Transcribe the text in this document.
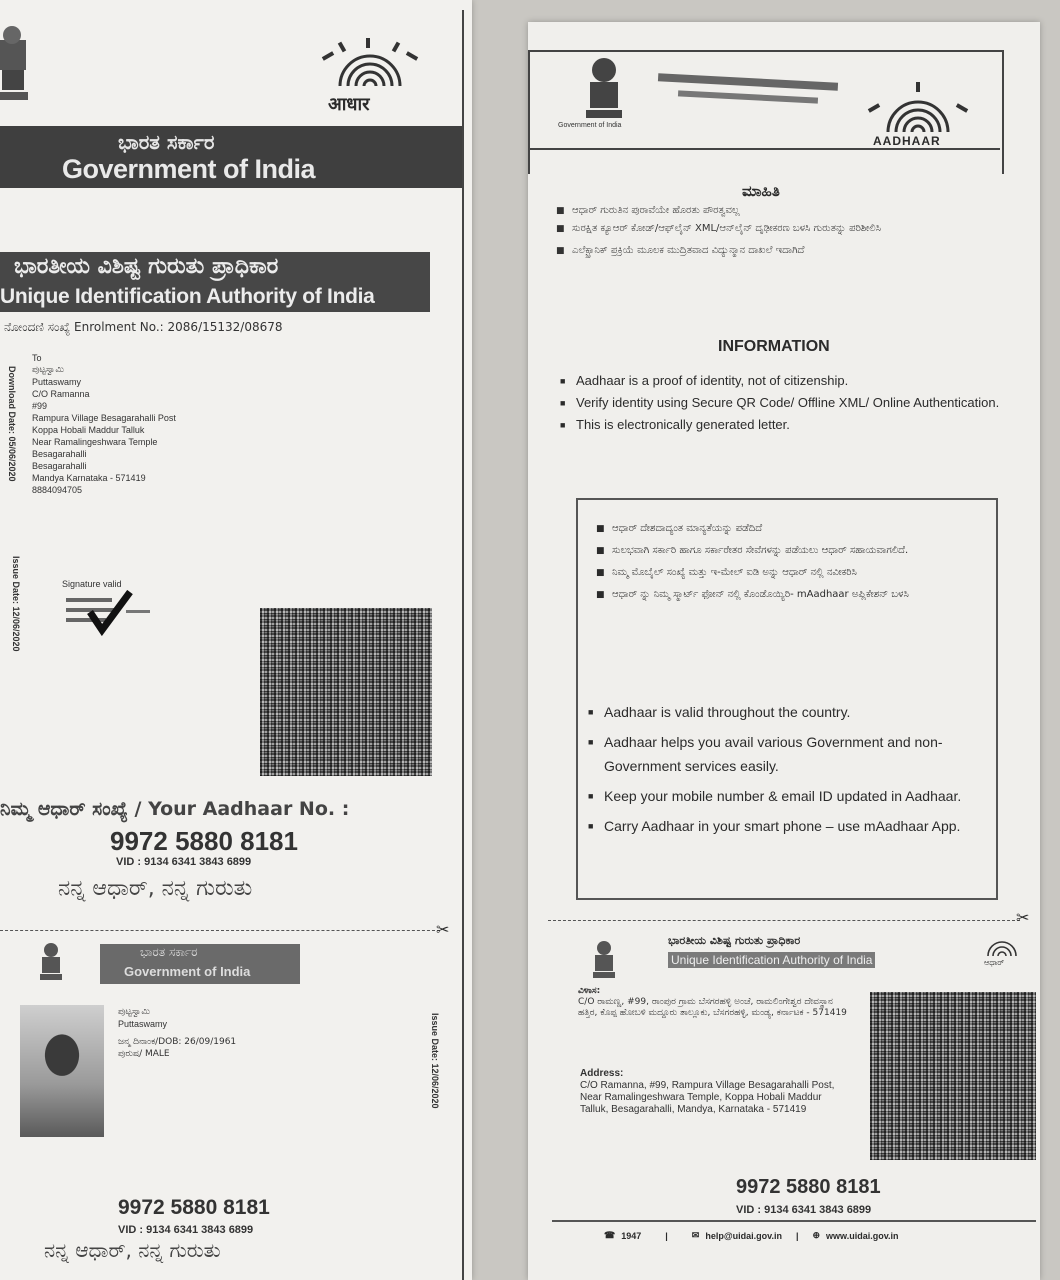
आधार
ಭಾರತ ಸರ್ಕಾರ
Government of India
ಭಾರತೀಯ ವಿಶಿಷ್ಟ ಗುರುತು ಪ್ರಾಧಿಕಾರ
Unique Identification Authority of India
ನೋಂದಣಿ ಸಂಖ್ಯೆ Enrolment No.: 2086/15132/08678
Download Date: 05/06/2020
Issue Date: 12/06/2020
To
ಪುಟ್ಟಸ್ವಾಮಿ
Puttaswamy
C/O Ramanna
#99
Rampura Village Besagarahalli Post
Koppa Hobali Maddur Talluk
Near Ramalingeshwara Temple
Besagarahalli
Besagarahalli
Mandya Karnataka - 571419
8884094705
Signature valid
ನಿಮ್ಮ ಆಧಾರ್ ಸಂಖ್ಯೆ / Your Aadhaar No. :
9972 5880 8181
VID : 9134 6341 3843 6899
ನನ್ನ ಆಧಾರ್, ನನ್ನ ಗುರುತು
✂
ಭಾರತ ಸರ್ಕಾರ
Government of India
ಪುಟ್ಟಸ್ವಾಮಿ
Puttaswamy
ಜನ್ಮ ದಿನಾಂಕ/DOB: 26/09/1961
ಪುರುಷ/ MALE	Issue Date: 12/06/2020
9972 5880 8181
VID : 9134 6341 3843 6899
ನನ್ನ ಆಧಾರ್, ನನ್ನ ಗುರುತು
Government of India
AADHAAR
ಮಾಹಿತಿ
■ ಆಧಾರ್ ಗುರುತಿನ ಪುರಾವೆಯೇ ಹೊರತು ಪೌರತ್ವವಲ್ಲ
■ ಸುರಕ್ಷಿತ ಕ್ಯೂಆರ್ ಕೋಡ್/ಆಫ್‌ಲೈನ್ XML/ಆನ್‌ಲೈನ್ ದೃಢೀಕರಣ ಬಳಸಿ ಗುರುತನ್ನು ಪರಿಶೀಲಿಸಿ
■ ಎಲೆಕ್ಟ್ರಾನಿಕ್ ಪ್ರಕ್ರಿಯೆ ಮೂಲಕ ಮುದ್ರಿತವಾದ ವಿದ್ಯುನ್ಮಾನ ದಾಖಲೆ ಇದಾಗಿದೆ
INFORMATION
■ Aadhaar is a proof of identity, not of citizenship.
■ Verify identity using Secure QR Code/ Offline XML/ Online Authentication.
■ This is electronically generated letter.
■ ಆಧಾರ್ ದೇಶದಾದ್ಯಂತ ಮಾನ್ಯತೆಯನ್ನು ಪಡೆದಿದೆ
■ ಸುಲಭವಾಗಿ ಸರ್ಕಾರಿ ಹಾಗೂ ಸರ್ಕಾರೇತರ ಸೇವೆಗಳನ್ನು ಪಡೆಯಲು ಆಧಾರ್ ಸಹಾಯವಾಗಲಿದೆ.
■ ನಿಮ್ಮ ಮೊಬೈಲ್ ಸಂಖ್ಯೆ ಮತ್ತು ಇ-ಮೇಲ್ ಐಡಿ ಅನ್ನು ಆಧಾರ್ ನಲ್ಲಿ ನವೀಕರಿಸಿ
■ ಆಧಾರ್ ನ್ನು ನಿಮ್ಮ ಸ್ಮಾರ್ಟ್ ಫೋನ್ ನಲ್ಲಿ ಕೊಂಡೊಯ್ಯಿರಿ- mAadhaar ಅಪ್ಲಿಕೇಶನ್ ಬಳಸಿ
■ Aadhaar is valid throughout the country.
■ Aadhaar helps you avail various Government and non-Government services easily.
■ Keep your mobile number & email ID updated in Aadhaar.
■ Carry Aadhaar in your smart phone – use mAadhaar App.
✂
ಭಾರತೀಯ ವಿಶಿಷ್ಟ ಗುರುತು ಪ್ರಾಧಿಕಾರ
Unique Identification Authority of India	ಆಧಾರ್
ವಿಳಾಸ:
C/O ರಾಮಣ್ಣ, #99, ರಾಂಪುರ ಗ್ರಾಮ ಬೆಸಗರಹಳ್ಳಿ ಅಂಚೆ, ರಾಮಲಿಂಗೇಶ್ವರ ದೇವಸ್ಥಾನ ಹತ್ತಿರ, ಕೊಪ್ಪ ಹೋಬಳಿ ಮದ್ದೂರು ತಾಲ್ಲೂಕು, ಬೆಸಗರಹಳ್ಳಿ, ಮಂಡ್ಯ, ಕರ್ನಾಟಕ - 571419
Address:
C/O Ramanna, #99, Rampura Village Besagarahalli Post, Near Ramalingeshwara Temple, Koppa Hobali Maddur Talluk, Besagarahalli, Mandya, Karnataka - 571419
9972 5880 8181
VID : 9134 6341 3843 6899
☎ 1947	|	✉ help@uidai.gov.in | ⊕ www.uidai.gov.in
